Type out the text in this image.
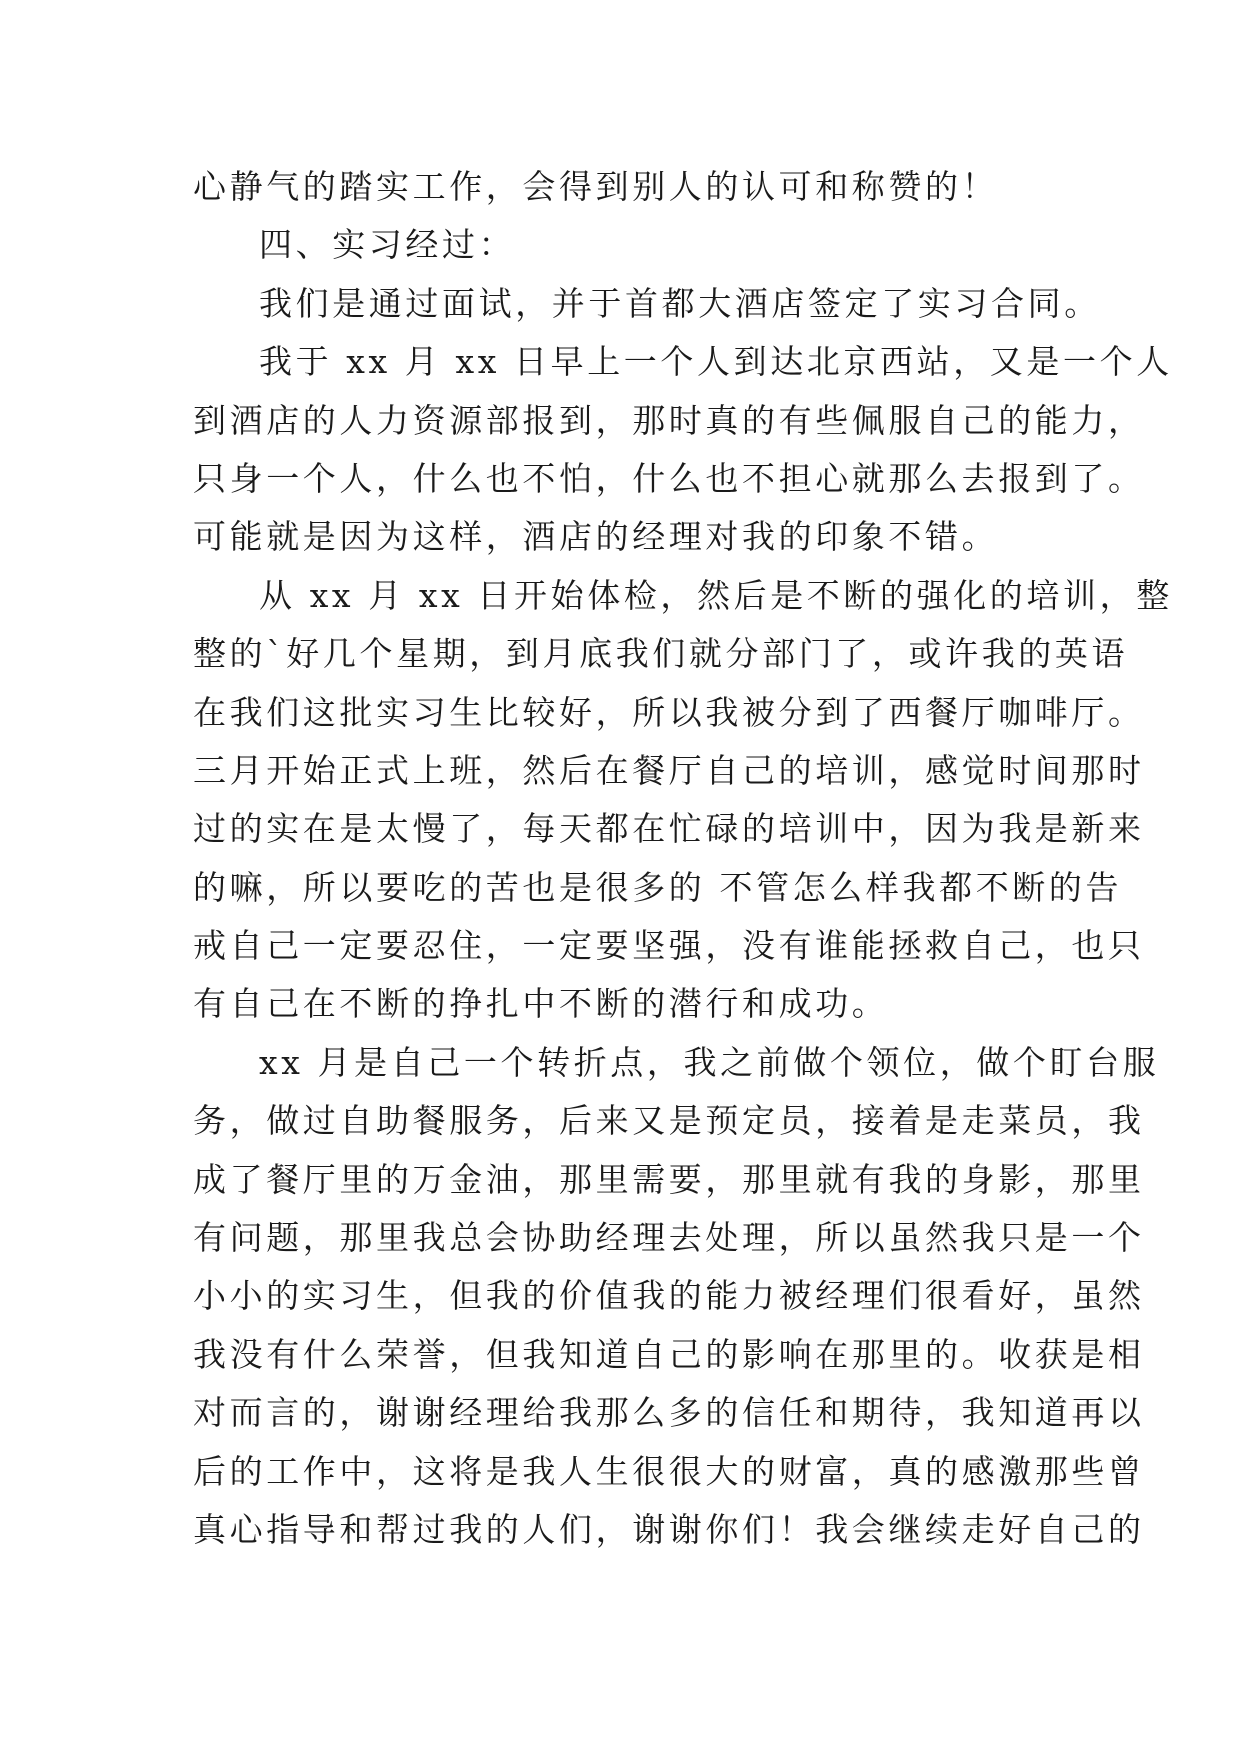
心静气的踏实工作，会得到别人的认可和称赞的！
四、实习经过：
我们是通过面试，并于首都大酒店签定了实习合同。
我于 xx 月 xx 日早上一个人到达北京西站，又是一个人
到酒店的人力资源部报到，那时真的有些佩服自己的能力，
只身一个人，什么也不怕，什么也不担心就那么去报到了。
可能就是因为这样，酒店的经理对我的印象不错。
从 xx 月 xx 日开始体检，然后是不断的强化的培训，整
整的`好几个星期，到月底我们就分部门了，或许我的英语
在我们这批实习生比较好，所以我被分到了西餐厅咖啡厅。
三月开始正式上班，然后在餐厅自己的培训，感觉时间那时
过的实在是太慢了，每天都在忙碌的培训中，因为我是新来
的嘛，所以要吃的苦也是很多的 不管怎么样我都不断的告
戒自己一定要忍住，一定要坚强，没有谁能拯救自己，也只
有自己在不断的挣扎中不断的潜行和成功。
xx 月是自己一个转折点，我之前做个领位，做个盯台服
务，做过自助餐服务，后来又是预定员，接着是走菜员，我
成了餐厅里的万金油，那里需要，那里就有我的身影，那里
有问题，那里我总会协助经理去处理，所以虽然我只是一个
小小的实习生，但我的价值我的能力被经理们很看好，虽然
我没有什么荣誉，但我知道自己的影响在那里的。收获是相
对而言的，谢谢经理给我那么多的信任和期待，我知道再以
后的工作中，这将是我人生很很大的财富，真的感激那些曾
真心指导和帮过我的人们，谢谢你们！我会继续走好自己的
